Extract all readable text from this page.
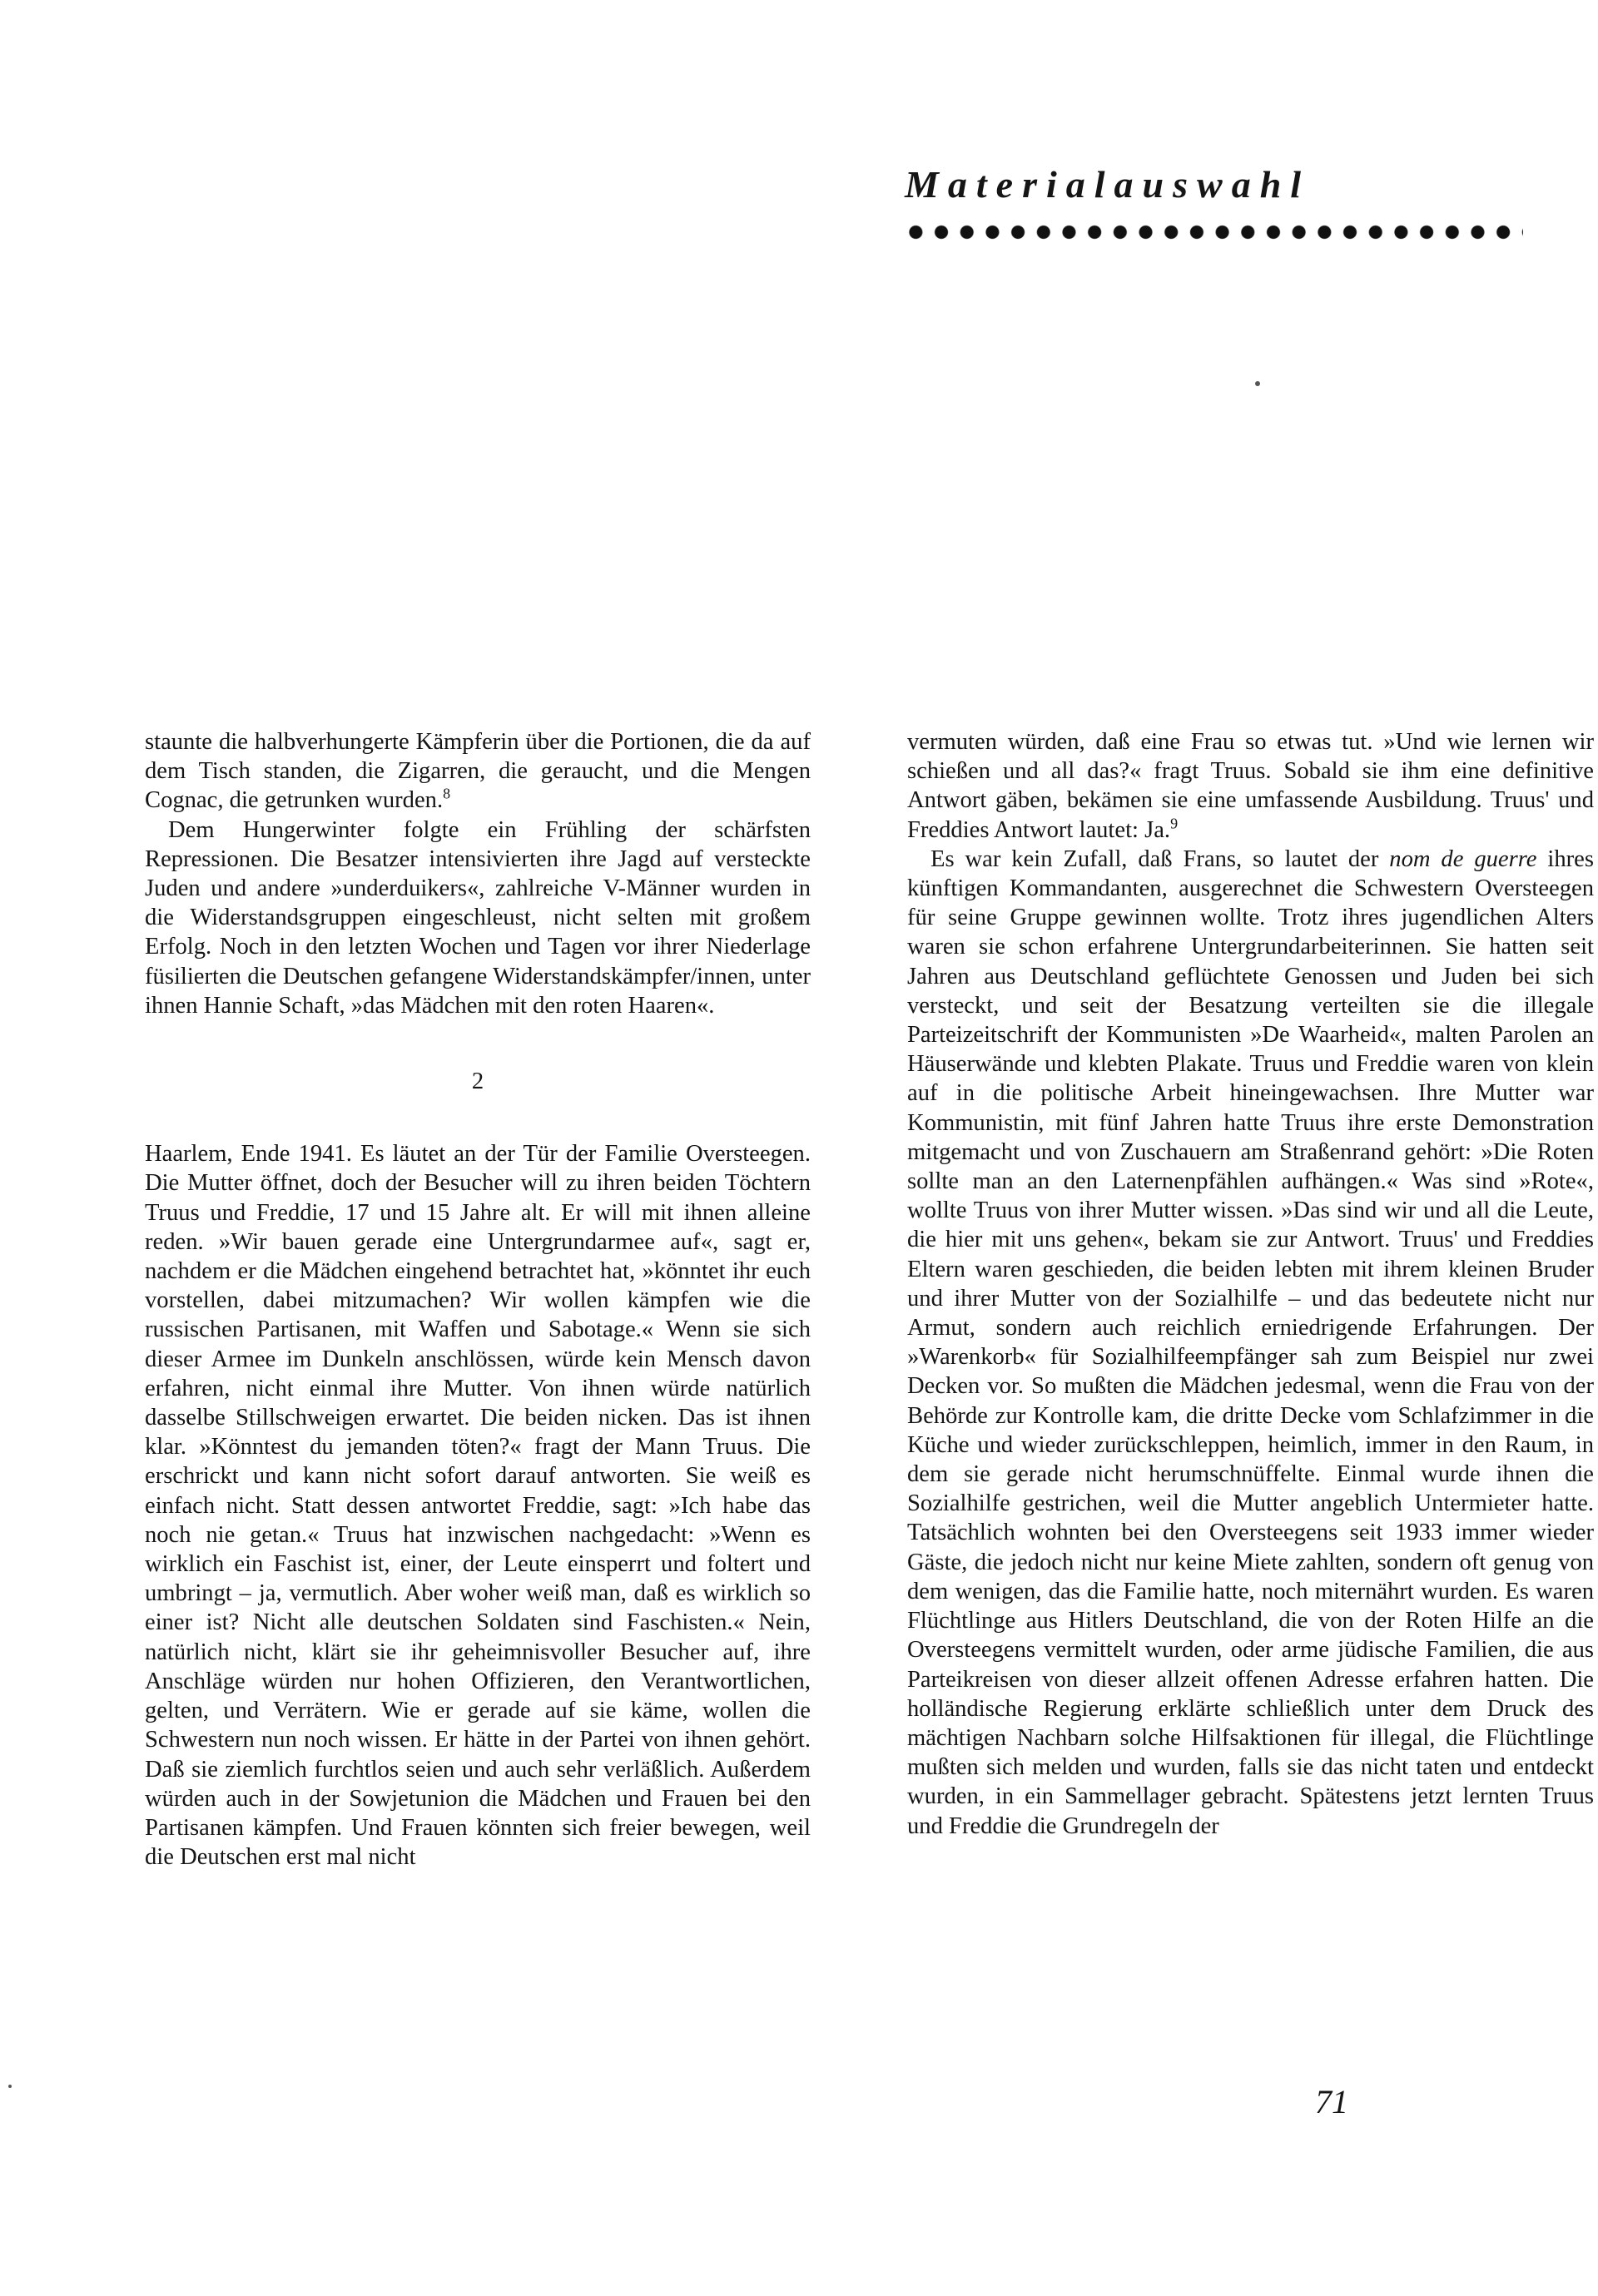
Materialauswahl

staunte die halbverhungerte Kämpferin über die Portionen, die da auf dem Tisch standen, die Zigarren, die geraucht, und die Mengen Cognac, die getrunken wurden.$^8$

Dem Hungerwinter folgte ein Frühling der schärfsten Repressionen. Die Besatzer intensivierten ihre Jagd auf versteckte Juden und andere »underduikers«, zahlreiche V-Männer wurden in die Widerstandsgruppen eingeschleust, nicht selten mit großem Erfolg. Noch in den letzten Wochen und Tagen vor ihrer Niederlage füsilierten die Deutschen gefangene Widerstandskämpfer/innen, unter ihnen Hannie Schaft, »das Mädchen mit den roten Haaren«.

2

Haarlem, Ende 1941. Es läutet an der Tür der Familie Oversteegen. Die Mutter öffnet, doch der Besucher will zu ihren beiden Töchtern Truus und Freddie, 17 und 15 Jahre alt. Er will mit ihnen alleine reden. »Wir bauen gerade eine Untergrundarmee auf«, sagt er, nachdem er die Mädchen eingehend betrachtet hat, »könntet ihr euch vorstellen, dabei mitzumachen? Wir wollen kämpfen wie die russischen Partisanen, mit Waffen und Sabotage.« Wenn sie sich dieser Armee im Dunkeln anschlössen, würde kein Mensch davon erfahren, nicht einmal ihre Mutter. Von ihnen würde natürlich dasselbe Stillschweigen erwartet. Die beiden nicken. Das ist ihnen klar. »Könntest du jemanden töten?« fragt der Mann Truus. Die erschrickt und kann nicht sofort darauf antworten. Sie weiß es einfach nicht. Statt dessen antwortet Freddie, sagt: »Ich habe das noch nie getan.« Truus hat inzwischen nachgedacht: »Wenn es wirklich ein Faschist ist, einer, der Leute einsperrt und foltert und umbringt – ja, vermutlich. Aber woher weiß man, daß es wirklich so einer ist? Nicht alle deutschen Soldaten sind Faschisten.« Nein, natürlich nicht, klärt sie ihr geheimnisvoller Besucher auf, ihre Anschläge würden nur hohen Offizieren, den Verantwortlichen, gelten, und Verrätern. Wie er gerade auf sie käme, wollen die Schwestern nun noch wissen. Er hätte in der Partei von ihnen gehört. Daß sie ziemlich furchtlos seien und auch sehr verläßlich. Außerdem würden auch in der Sowjetunion die Mädchen und Frauen bei den Partisanen kämpfen. Und Frauen könnten sich freier bewegen, weil die Deutschen erst mal nicht

vermuten würden, daß eine Frau so etwas tut. »Und wie lernen wir schießen und all das?« fragt Truus. Sobald sie ihm eine definitive Antwort gäben, bekämen sie eine umfassende Ausbildung. Truus' und Freddies Antwort lautet: Ja.$^9$

Es war kein Zufall, daß Frans, so lautet der nom de guerre ihres künftigen Kommandanten, ausgerechnet die Schwestern Oversteegen für seine Gruppe gewinnen wollte. Trotz ihres jugendlichen Alters waren sie schon erfahrene Untergrundarbeiterinnen. Sie hatten seit Jahren aus Deutschland geflüchtete Genossen und Juden bei sich versteckt, und seit der Besatzung verteilten sie die illegale Parteizeitschrift der Kommunisten »De Waarheid«, malten Parolen an Häuserwände und klebten Plakate. Truus und Freddie waren von klein auf in die politische Arbeit hineingewachsen. Ihre Mutter war Kommunistin, mit fünf Jahren hatte Truus ihre erste Demonstration mitgemacht und von Zuschauern am Straßenrand gehört: »Die Roten sollte man an den Laternenpfählen aufhängen.« Was sind »Rote«, wollte Truus von ihrer Mutter wissen. »Das sind wir und all die Leute, die hier mit uns gehen«, bekam sie zur Antwort. Truus' und Freddies Eltern waren geschieden, die beiden lebten mit ihrem kleinen Bruder und ihrer Mutter von der Sozialhilfe – und das bedeutete nicht nur Armut, sondern auch reichlich erniedrigende Erfahrungen. Der »Warenkorb« für Sozialhilfeempfänger sah zum Beispiel nur zwei Decken vor. So mußten die Mädchen jedesmal, wenn die Frau von der Behörde zur Kontrolle kam, die dritte Decke vom Schlafzimmer in die Küche und wieder zurückschleppen, heimlich, immer in den Raum, in dem sie gerade nicht herumschnüffelte. Einmal wurde ihnen die Sozialhilfe gestrichen, weil die Mutter angeblich Untermieter hatte. Tatsächlich wohnten bei den Oversteegens seit 1933 immer wieder Gäste, die jedoch nicht nur keine Miete zahlten, sondern oft genug von dem wenigen, das die Familie hatte, noch miternährt wurden. Es waren Flüchtlinge aus Hitlers Deutschland, die von der Roten Hilfe an die Oversteegens vermittelt wurden, oder arme jüdische Familien, die aus Parteikreisen von dieser allzeit offenen Adresse erfahren hatten. Die holländische Regierung erklärte schließlich unter dem Druck des mächtigen Nachbarn solche Hilfsaktionen für illegal, die Flüchtlinge mußten sich melden und wurden, falls sie das nicht taten und entdeckt wurden, in ein Sammellager gebracht. Spätestens jetzt lernten Truus und Freddie die Grundregeln der

71
